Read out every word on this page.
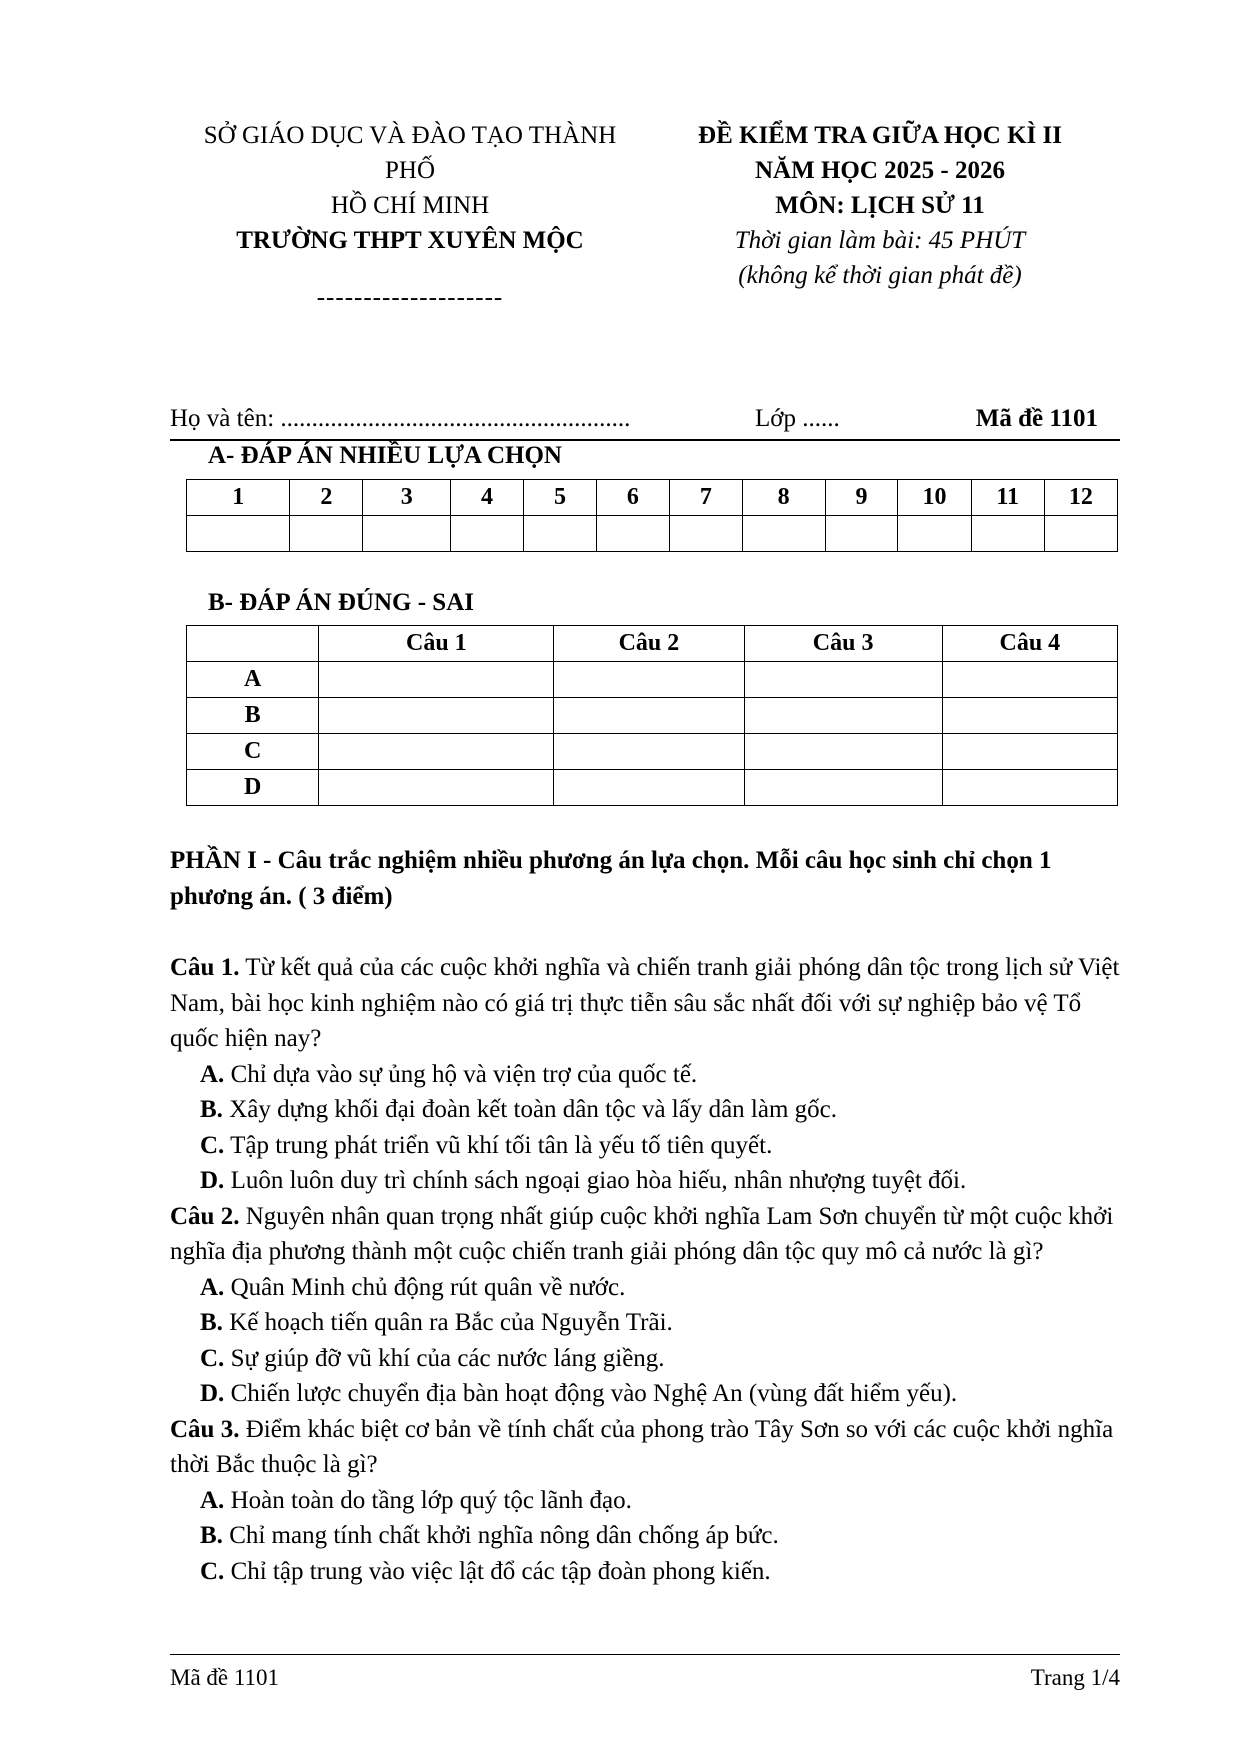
SỞ GIÁO DỤC VÀ ĐÀO TẠO THÀNH
PHỐ
HỒ CHÍ MINH
TRƯỜNG THPT XUYÊN MỘC
--------------------
ĐỀ KIỂM TRA GIỮA HỌC KÌ II
NĂM HỌC 2025 - 2026
MÔN: LỊCH SỬ 11
Thời gian làm bài: 45 PHÚT
(không kể thời gian phát đề)
Họ và tên: ........................................................	Lớp ......	Mã đề 1101
A- ĐÁP ÁN NHIỀU LỰA CHỌN
1	2	3	4	5	6	7	8	9	10	11	12

B- ĐÁP ÁN ĐÚNG - SAI
	Câu 1	Câu 2	Câu 3	Câu 4
A				
B				
C				
D				
PHẦN I - Câu trắc nghiệm nhiều phương án lựa chọn. Mỗi câu học sinh chỉ chọn 1 phương án. ( 3 điểm)

Câu 1. Từ kết quả của các cuộc khởi nghĩa và chiến tranh giải phóng dân tộc trong lịch sử Việt Nam, bài học kinh nghiệm nào có giá trị thực tiễn sâu sắc nhất đối với sự nghiệp bảo vệ Tổ quốc hiện nay?

A. Chỉ dựa vào sự ủng hộ và viện trợ của quốc tế.

B. Xây dựng khối đại đoàn kết toàn dân tộc và lấy dân làm gốc.

C. Tập trung phát triển vũ khí tối tân là yếu tố tiên quyết.

D. Luôn luôn duy trì chính sách ngoại giao hòa hiếu, nhân nhượng tuyệt đối.

Câu 2. Nguyên nhân quan trọng nhất giúp cuộc khởi nghĩa Lam Sơn chuyển từ một cuộc khởi nghĩa địa phương thành một cuộc chiến tranh giải phóng dân tộc quy mô cả nước là gì?

A. Quân Minh chủ động rút quân về nước.

B. Kế hoạch tiến quân ra Bắc của Nguyễn Trãi.

C. Sự giúp đỡ vũ khí của các nước láng giềng.

D. Chiến lược chuyển địa bàn hoạt động vào Nghệ An (vùng đất hiểm yếu).

Câu 3. Điểm khác biệt cơ bản về tính chất của phong trào Tây Sơn so với các cuộc khởi nghĩa thời Bắc thuộc là gì?

A. Hoàn toàn do tầng lớp quý tộc lãnh đạo.

B. Chỉ mang tính chất khởi nghĩa nông dân chống áp bức.

C. Chỉ tập trung vào việc lật đổ các tập đoàn phong kiến.

Mã đề 1101	Trang 1/4
